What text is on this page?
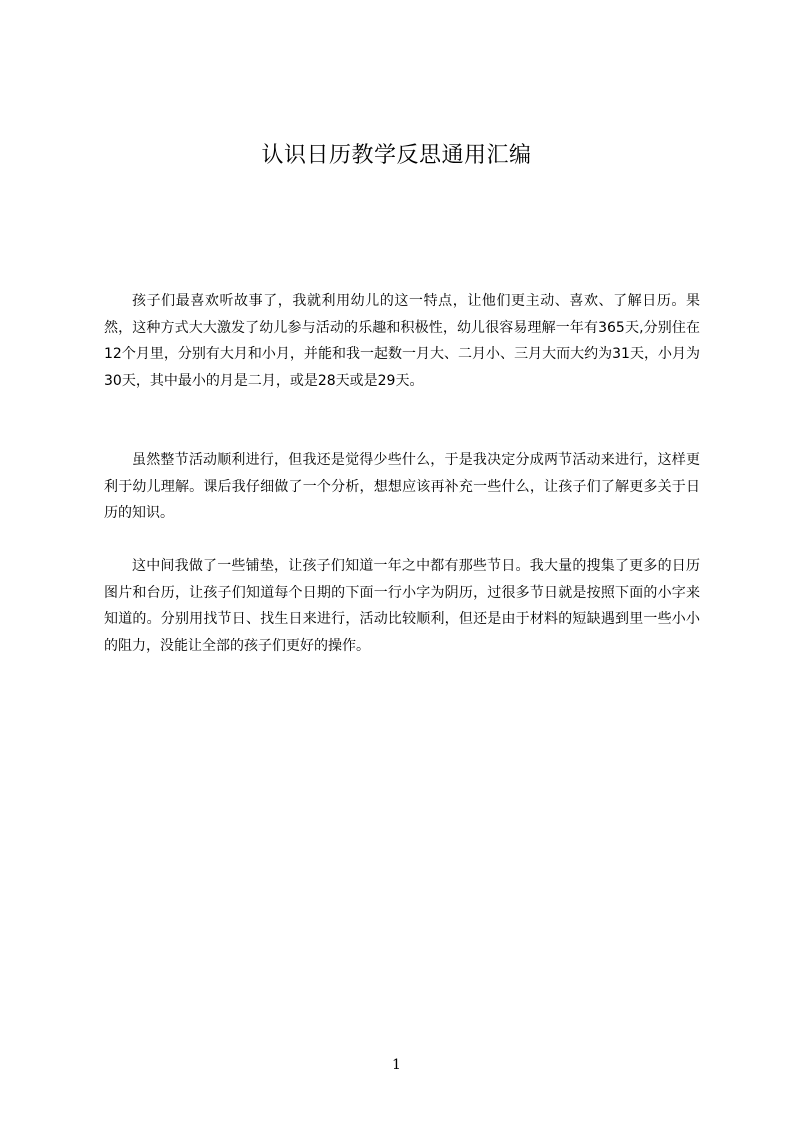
认识日历教学反思通用汇编

孩子们最喜欢听故事了，我就利用幼儿的这一特点，让他们更主动、喜欢、了解日历。果然，这种方式大大激发了幼儿参与活动的乐趣和积极性，幼儿很容易理解一年有365天,分别住在 12个月里，分别有大月和小月，并能和我一起数一月大、二月小、三月大而大约为31天，小月为30天，其中最小的月是二月，或是28天或是29天。

虽然整节活动顺利进行，但我还是觉得少些什么，于是我决定分成两节活动来进行，这样更利于幼儿理解。课后我仔细做了一个分析，想想应该再补充一些什么，让孩子们了解更多关于日历的知识。

这中间我做了一些铺垫，让孩子们知道一年之中都有那些节日。我大量的搜集了更多的日历图片和台历，让孩子们知道每个日期的下面一行小字为阴历，过很多节日就是按照下面的小字来知道的。分别用找节日、找生日来进行，活动比较顺利，但还是由于材料的短缺遇到里一些小小的阻力，没能让全部的孩子们更好的操作。

1
